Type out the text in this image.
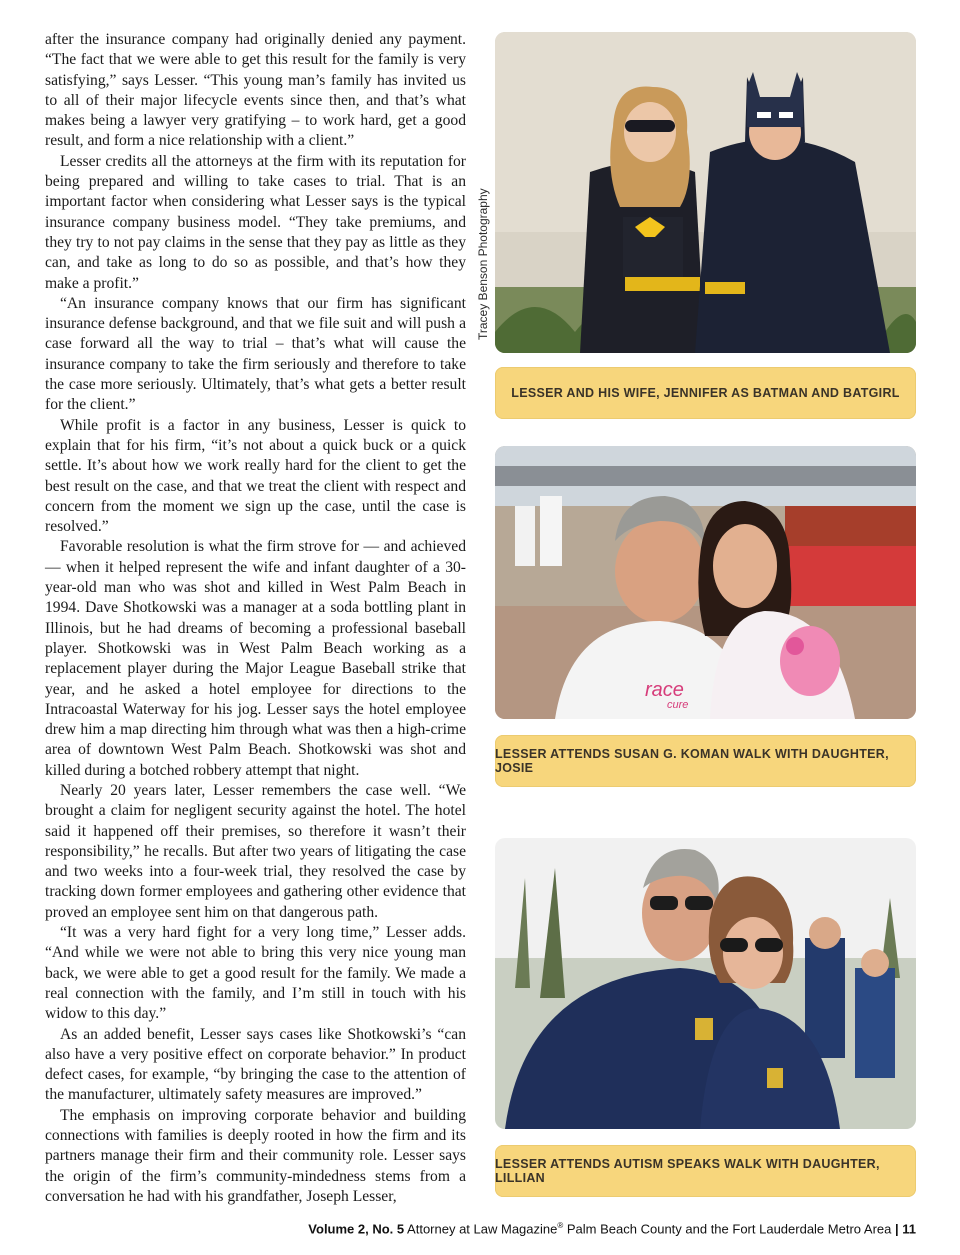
after the insurance company had originally denied any payment. “The fact that we were able to get this result for the family is very satisfying,” says Lesser. “This young man’s family has invited us to all of their major lifecycle events since then, and that’s what makes being a lawyer very gratifying – to work hard, get a good result, and form a nice relationship with a client.”

Lesser credits all the attorneys at the firm with its reputation for being prepared and willing to take cases to trial. That is an important factor when considering what Lesser says is the typical insurance company business model. “They take premiums, and they try to not pay claims in the sense that they pay as little as they can, and take as long to do so as possible, and that’s how they make a profit.”

“An insurance company knows that our firm has significant insurance defense background, and that we file suit and will push a case forward all the way to trial – that’s what will cause the insurance company to take the firm seriously and therefore to take the case more seriously. Ultimately, that’s what gets a better result for the client.”

While profit is a factor in any business, Lesser is quick to explain that for his firm, “it’s not about a quick buck or a quick settle. It’s about how we work really hard for the client to get the best result on the case, and that we treat the client with respect and concern from the moment we sign up the case, until the case is resolved.”

Favorable resolution is what the firm strove for — and achieved — when it helped represent the wife and infant daughter of a 30-year-old man who was shot and killed in West Palm Beach in 1994. Dave Shotkowski was a manager at a soda bottling plant in Illinois, but he had dreams of becoming a professional baseball player. Shotkowski was in West Palm Beach working as a replacement player during the Major League Baseball strike that year, and he asked a hotel employee for directions to the Intracoastal Waterway for his jog. Lesser says the hotel employee drew him a map directing him through what was then a high-crime area of downtown West Palm Beach. Shotkowski was shot and killed during a botched robbery attempt that night.

Nearly 20 years later, Lesser remembers the case well. “We brought a claim for negligent security against the hotel. The hotel said it happened off their premises, so therefore it wasn’t their responsibility,” he recalls. But after two years of litigating the case and two weeks into a four-week trial, they resolved the case by tracking down former employees and gathering other evidence that proved an employee sent him on that dangerous path.

“It was a very hard fight for a very long time,” Lesser adds. “And while we were not able to bring this very nice young man back, we were able to get a good result for the family. We made a real connection with the family, and I’m still in touch with his widow to this day.”

As an added benefit, Lesser says cases like Shotkowski’s “can also have a very positive effect on corporate behavior.” In product defect cases, for example, “by bringing the case to the attention of the manufacturer, ultimately safety measures are improved.”

The emphasis on improving corporate behavior and building connections with families is deeply rooted in how the firm and its partners manage their firm and their community role. Lesser says the origin of the firm’s community-mindedness stems from a conversation he had with his grandfather, Joseph Lesser,

Tracey Benson Photography
LESSER AND HIS WIFE, JENNIFER AS BATMAN AND BATGIRL
race
cure
LESSER ATTENDS SUSAN G. KOMAN WALK WITH DAUGHTER, JOSIE
LESSER ATTENDS AUTISM SPEAKS WALK WITH DAUGHTER, LILLIAN
Volume 2, No. 5 Attorney at Law Magazine® Palm Beach County and the Fort Lauderdale Metro Area | 11
